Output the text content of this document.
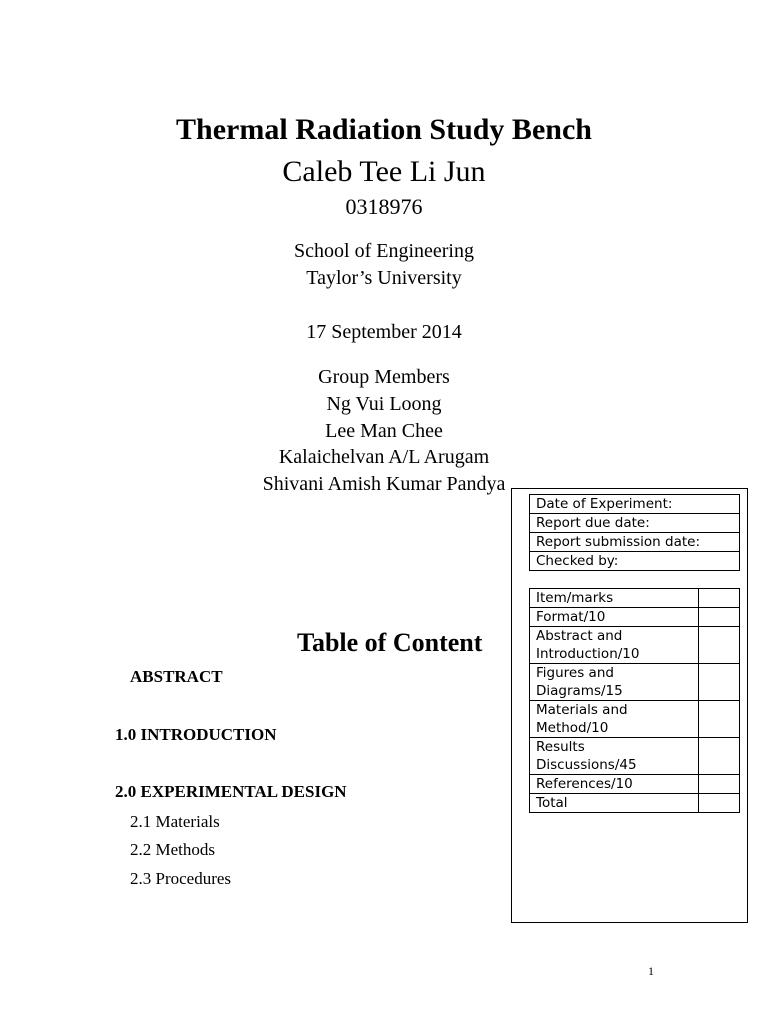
Thermal Radiation Study Bench
Caleb Tee Li Jun
0318976
School of Engineering
Taylor’s University
17 September 2014
Group Members
Ng Vui Loong
Lee Man Chee
Kalaichelvan A/L Arugam
Shivani Amish Kumar Pandya
Table of Content
Date of Experiment:
Report due date:
Report submission date:
Checked by:
Item/marks	
Format/10	
Abstract and
Introduction/10	
Figures and
Diagrams/15	
Materials and
Method/10	
Results
Discussions/45	
References/10	
Total	
ABSTRACT
1.0 INTRODUCTION
2.0 EXPERIMENTAL DESIGN
2.1 Materials
2.2 Methods
2.3 Procedures
1
